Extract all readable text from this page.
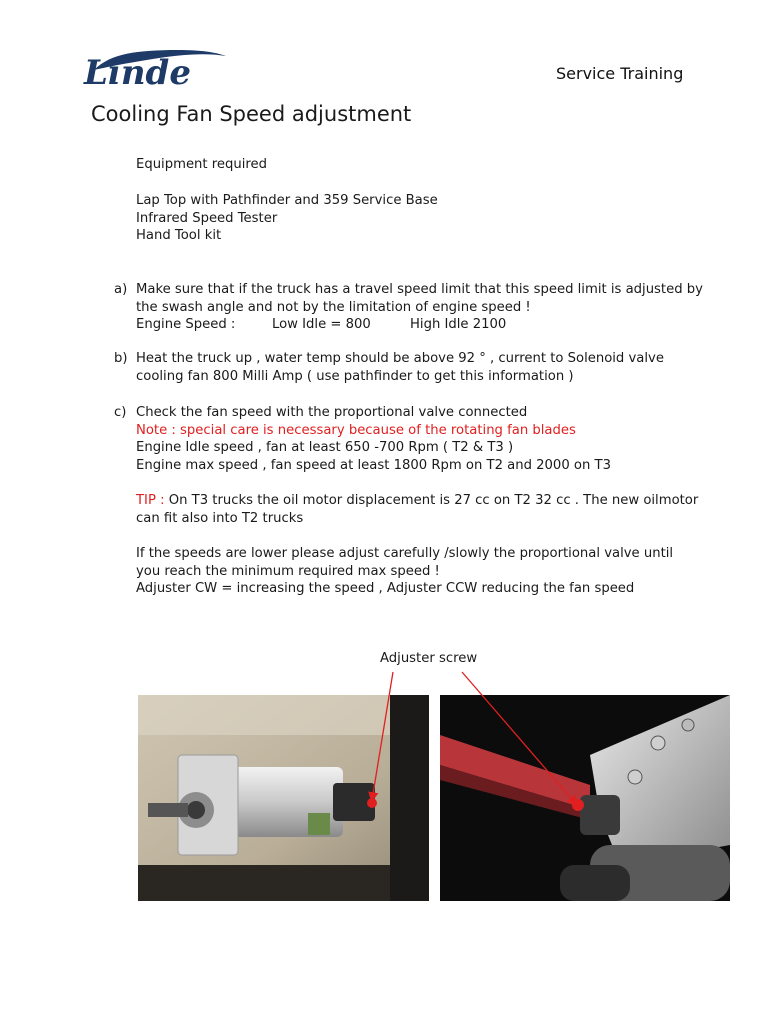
Linde	Service Training
Cooling Fan Speed adjustment
Equipment required
Lap Top with Pathfinder and 359 Service Base
Infrared Speed Tester
Hand Tool kit
a) Make sure that if the truck has a travel speed limit that this speed limit is adjusted by
the swash angle and not by the limitation of engine speed !
Engine Speed :	Low Idle = 800	High Idle 2100
b) Heat the truck up , water temp should be above 92 ° , current to Solenoid valve
cooling fan 800 Milli Amp ( use pathfinder to get this information )
c) Check the fan speed with the proportional valve connected
Note : special care is necessary because of the rotating fan blades
Engine Idle speed , fan at least 650 -700 Rpm ( T2 & T3 )
Engine max speed , fan speed at least 1800 Rpm on T2 and 2000 on T3
TIP : On T3 trucks the oil motor displacement is 27 cc on T2 32 cc . The new oilmotor
can fit also into T2 trucks
If the speeds are lower please adjust carefully /slowly the proportional valve until
you reach the minimum required max speed !
Adjuster CW = increasing the speed , Adjuster CCW reducing the fan speed
Adjuster screw
